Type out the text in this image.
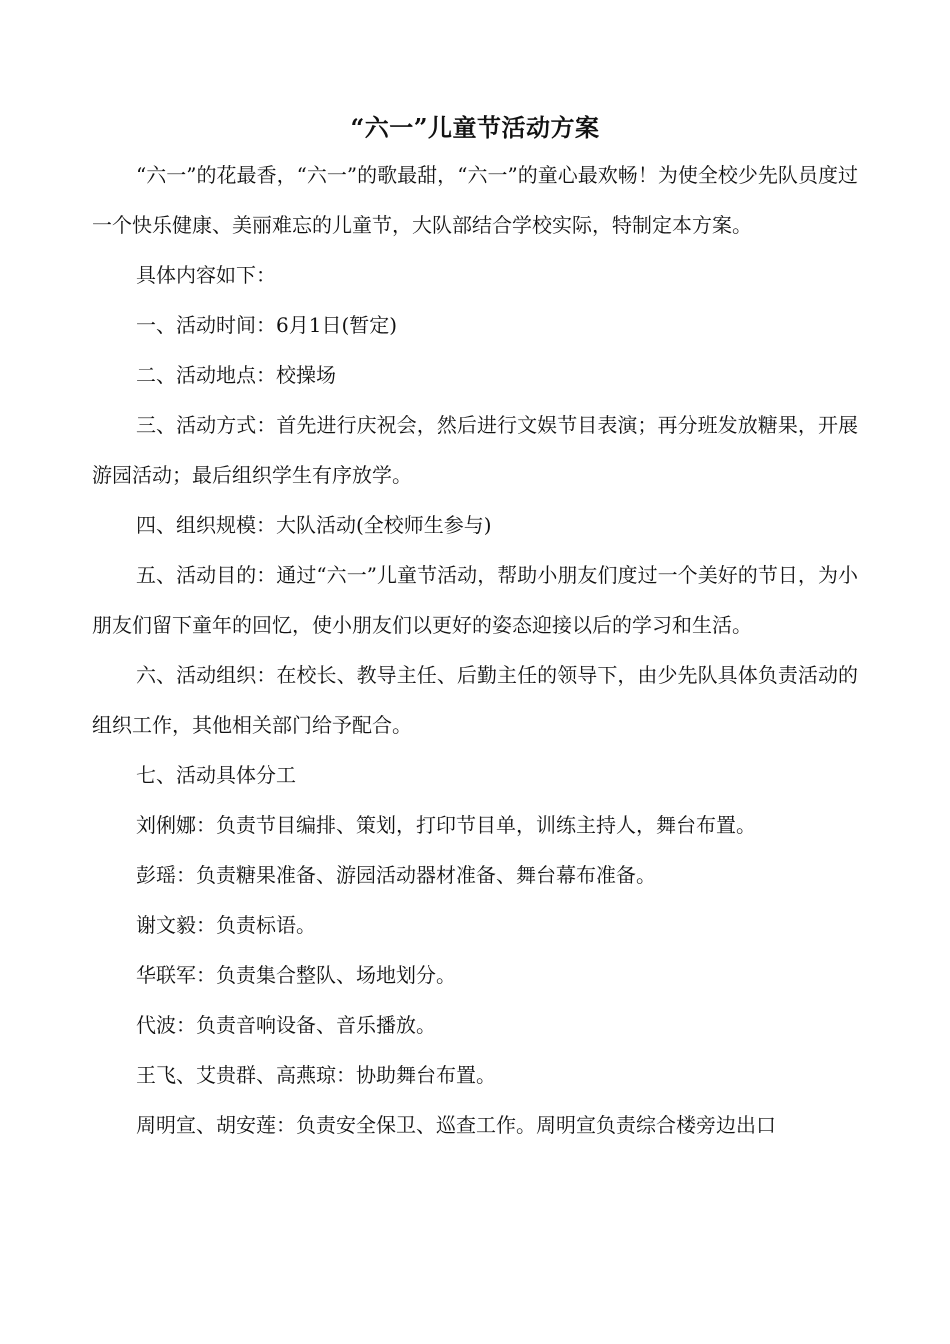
“六一”儿童节活动方案

“六一”的花最香，“六一”的歌最甜，“六一”的童心最欢畅！为使全校少先队员度过一个快乐健康、美丽难忘的儿童节，大队部结合学校实际，特制定本方案。

具体内容如下：

一、活动时间：6月1日(暂定)

二、活动地点：校操场

三、活动方式：首先进行庆祝会，然后进行文娱节目表演；再分班发放糖果，开展游园活动；最后组织学生有序放学。

四、组织规模：大队活动(全校师生参与)

五、活动目的：通过“六一”儿童节活动，帮助小朋友们度过一个美好的节日，为小朋友们留下童年的回忆，使小朋友们以更好的姿态迎接以后的学习和生活。

六、活动组织：在校长、教导主任、后勤主任的领导下，由少先队具体负责活动的组织工作，其他相关部门给予配合。

七、活动具体分工

刘俐娜：负责节目编排、策划，打印节目单，训练主持人，舞台布置。

彭瑶：负责糖果准备、游园活动器材准备、舞台幕布准备。

谢文毅：负责标语。

华联军：负责集合整队、场地划分。

代波：负责音响设备、音乐播放。

王飞、艾贵群、高燕琼：协助舞台布置。

周明宣、胡安莲：负责安全保卫、巡查工作。周明宣负责综合楼旁边出口
